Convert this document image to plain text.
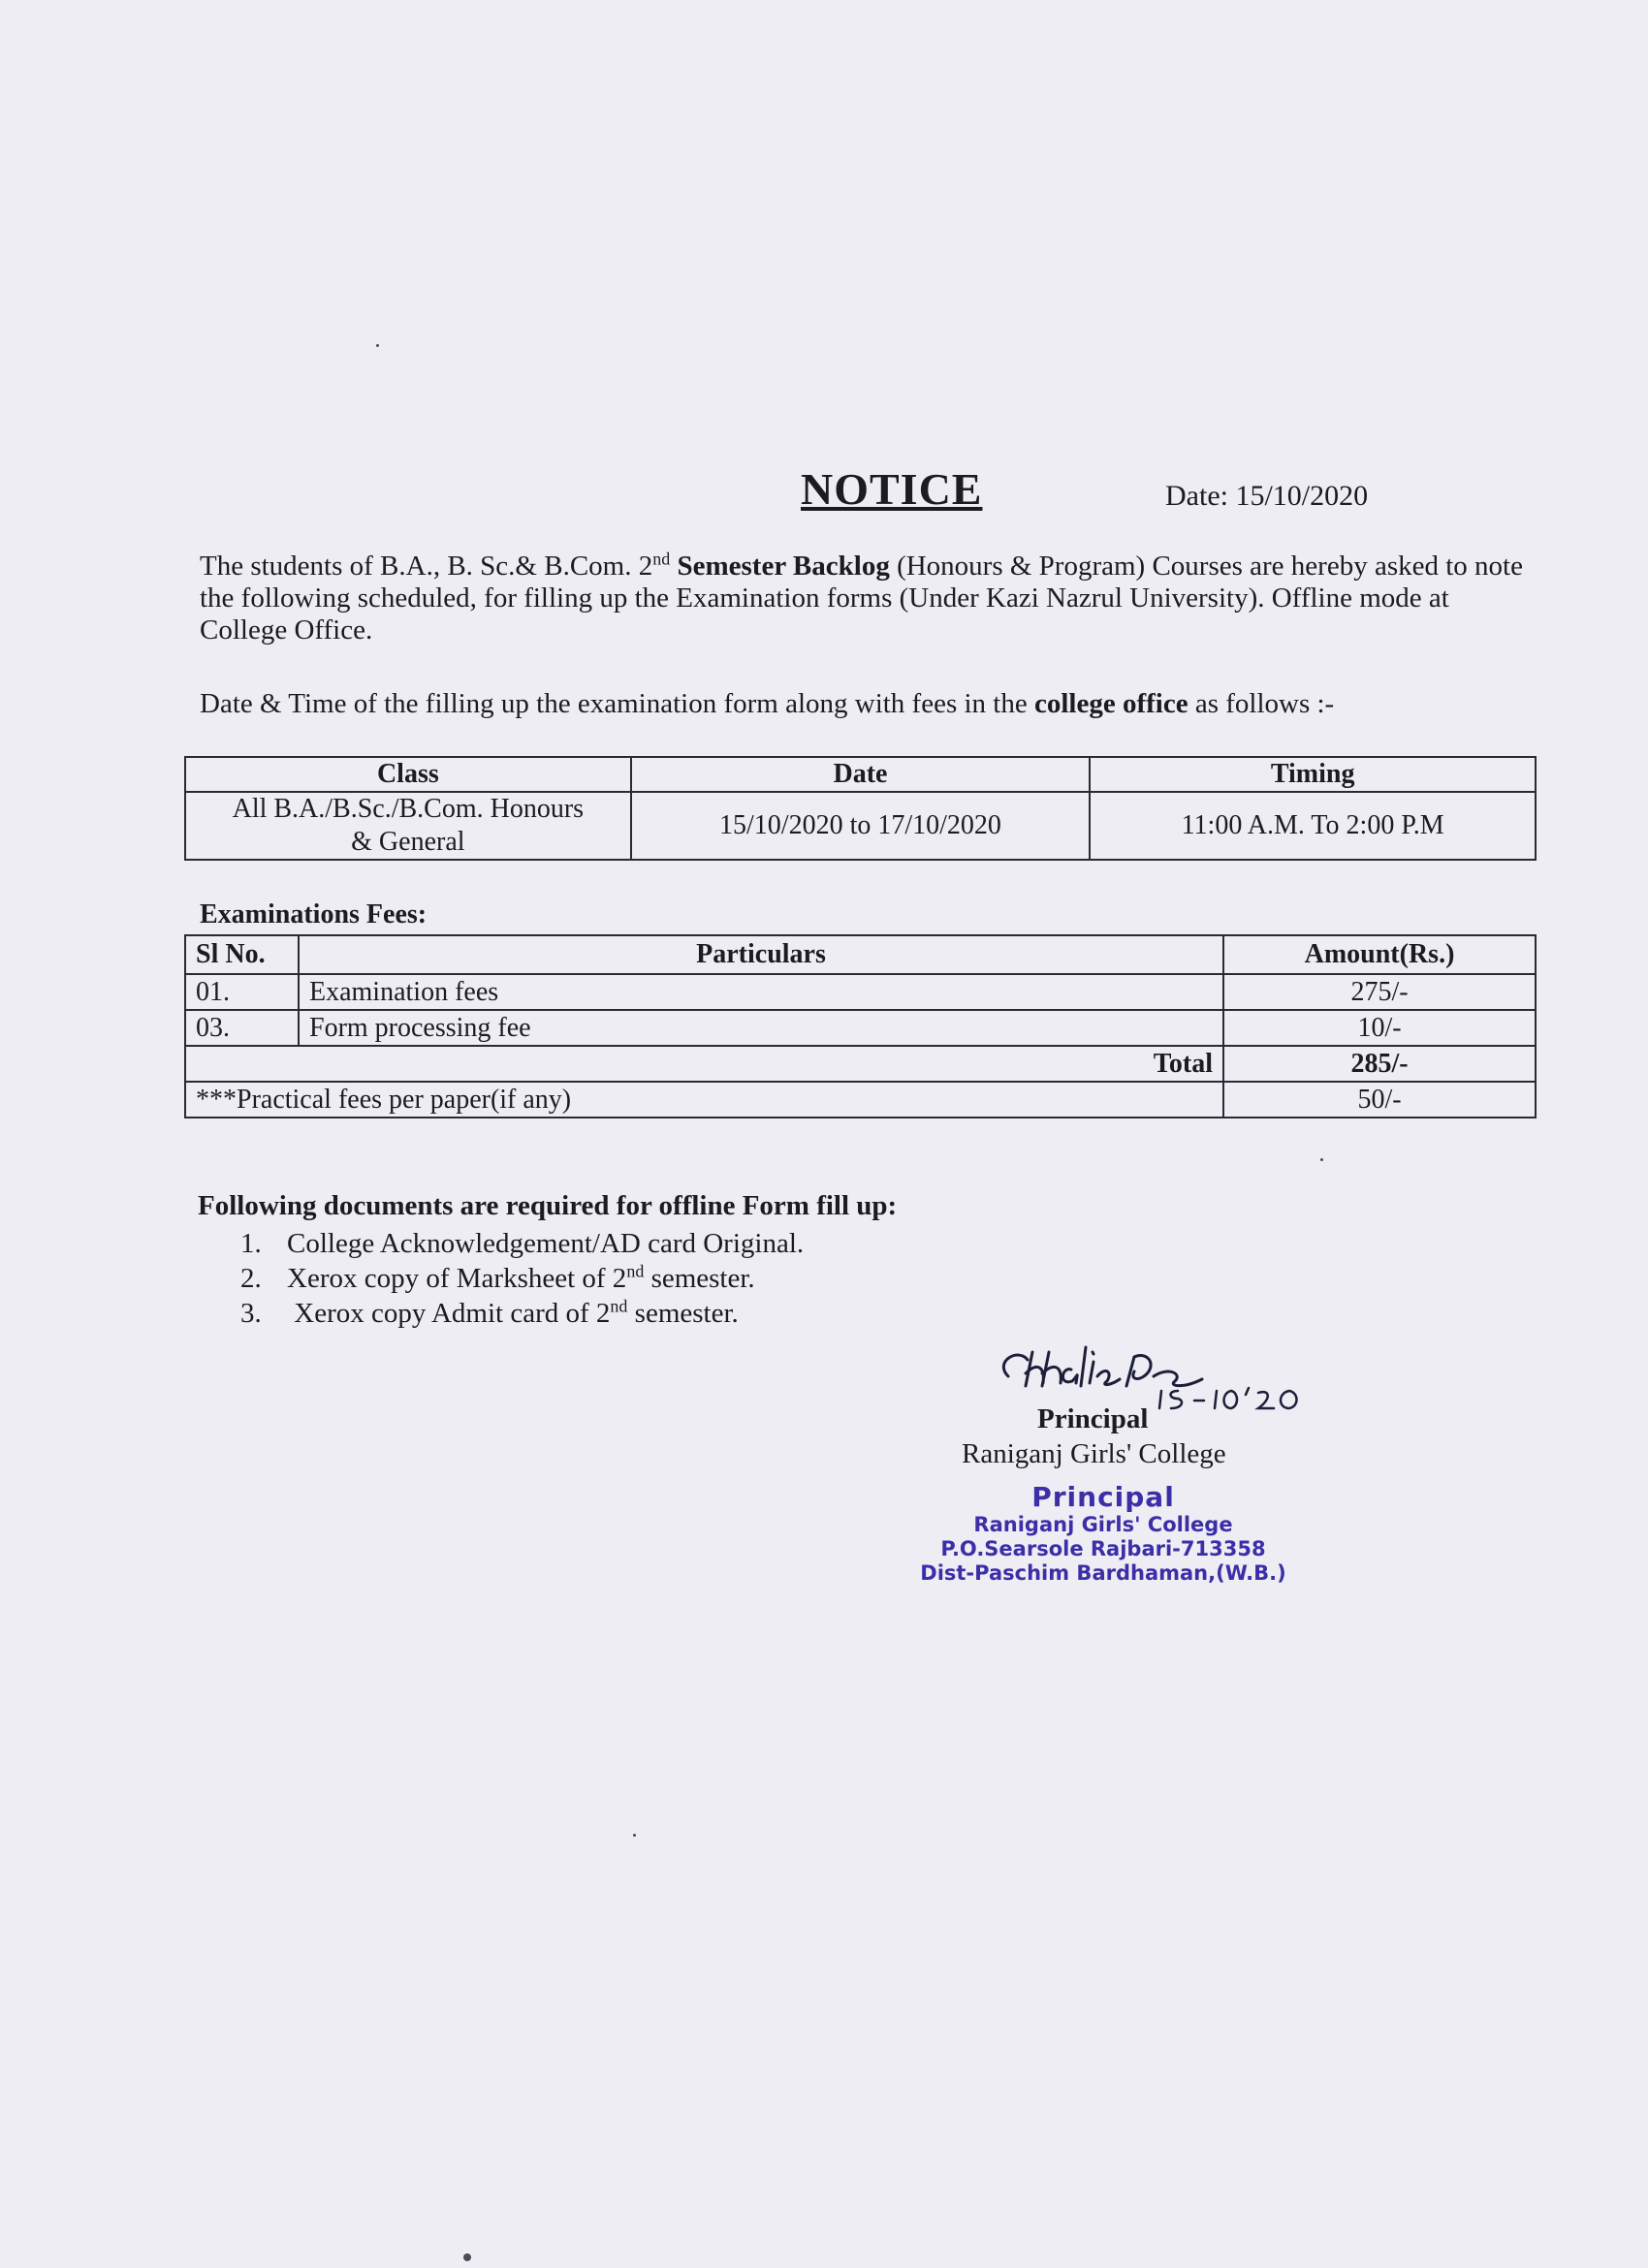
NOTICE	Date: 15/10/2020
The students of B.A., B. Sc.& B.Com. 2nd Semester Backlog (Honours & Program) Courses are hereby asked to note the following scheduled, for filling up the Examination forms (Under Kazi Nazrul University). Offline mode at College Office.
Date & Time of the filling up the examination form along with fees in the college office as follows :-
Class	Date	Timing

All B.A./B.Sc./B.Com. Honours
& General	15/10/2020 to 17/10/2020	11:00 A.M. To 2:00 P.M
Examinations Fees:
Sl No.	Particulars	Amount(Rs.)
01.	Examination fees	275/-
03.	Form processing fee	10/-
Total		285/-
***Practical fees per paper(if any)		50/-
Following documents are required for offline Form fill up:
1. College Acknowledgement/AD card Original.
2. Xerox copy of Marksheet of 2nd semester.
3. Xerox copy Admit card of 2nd semester.
Principal
Raniganj Girls' College
Principal
Raniganj Girls' College
P.O.Searsole Rajbari-713358
Dist-Paschim Bardhaman,(W.B.)
